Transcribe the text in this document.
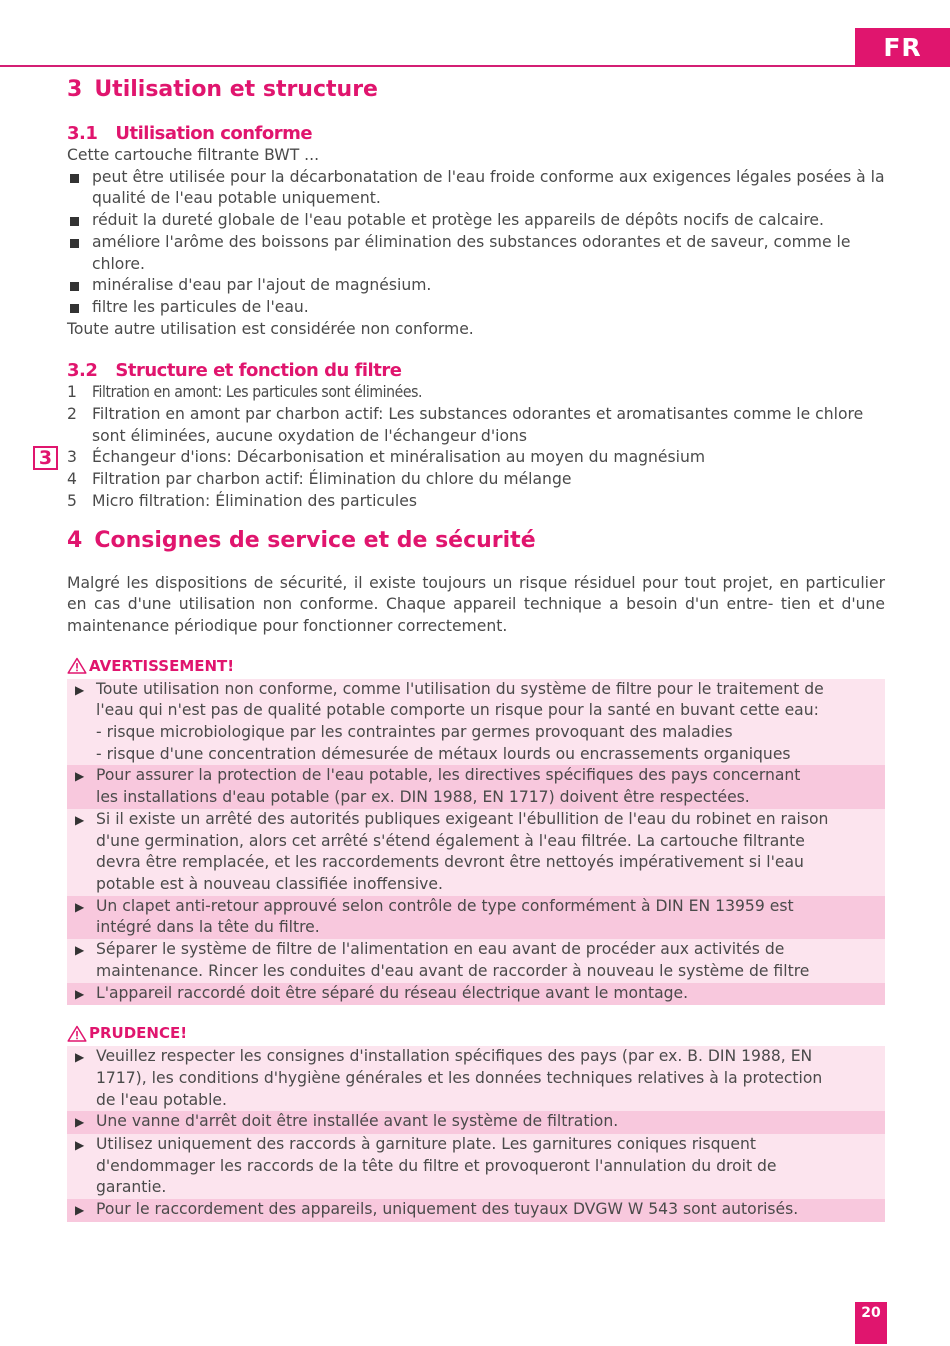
FR
3
20
3 Utilisation et structure
3.1 Utilisation conforme

Cette cartouche filtrante BWT ...

peut être utilisée pour la décarbonatation de l'eau froide conforme aux exigences légales posées à la qualité de l'eau potable uniquement.
réduit la dureté globale de l'eau potable et protège les appareils de dépôts nocifs de calcaire.
améliore l'arôme des boissons par élimination des substances odorantes et de saveur, comme le chlore.
minéralise d'eau par l'ajout de magnésium.
filtre les particules de l'eau.

Toute autre utilisation est considérée non conforme.

3.2 Structure et fonction du filtre
1 Filtration en amont: Les particules sont éliminées.
2 Filtration en amont par charbon actif: Les substances odorantes et aromatisantes comme le chlore sont éliminées, aucune oxydation de l'échangeur d'ions
3 Échangeur d'ions: Décarbonisation et minéralisation au moyen du magnésium
4 Filtration par charbon actif: Élimination du chlore du mélange
5 Micro filtration: Élimination des particules
4 Consignes de service et de sécurité

Malgré les dispositions de sécurité, il existe toujours un risque résiduel pour tout projet, en particulier en cas d'une utilisation non conforme. Chaque appareil technique a besoin d'un entre- tien et d'une maintenance périodique pour fonctionner correctement.

AVERTISSEMENT!
▶ Toute utilisation non conforme, comme l'utilisation du système de filtre pour le traitement de
l'eau qui n'est pas de qualité potable comporte un risque pour la santé en buvant cette eau:
- risque microbiologique par les contraintes par germes provoquant des maladies
- risque d'une concentration démesurée de métaux lourds ou encrassements organiques
▶ Pour assurer la protection de l'eau potable, les directives spécifiques des pays concernant
les installations d'eau potable (par ex. DIN 1988, EN 1717) doivent être respectées.
▶ Si il existe un arrêté des autorités publiques exigeant l'ébullition de l'eau du robinet en raison
d'une germination, alors cet arrêté s'étend également à l'eau filtrée. La cartouche filtrante
devra être remplacée, et les raccordements devront être nettoyés impérativement si l'eau
potable est à nouveau classifiée inoffensive.
▶ Un clapet anti-retour approuvé selon contrôle de type conformément à DIN EN 13959 est
intégré dans la tête du filtre.
▶ Séparer le système de filtre de l'alimentation en eau avant de procéder aux activités de
maintenance. Rincer les conduites d'eau avant de raccorder à nouveau le système de filtre
▶ L'appareil raccordé doit être séparé du réseau électrique avant le montage.
PRUDENCE!
▶ Veuillez respecter les consignes d'installation spécifiques des pays (par ex. B. DIN 1988, EN
1717), les conditions d'hygiène générales et les données techniques relatives à la protection
de l'eau potable.
▶ Une vanne d'arrêt doit être installée avant le système de filtration.
▶ Utilisez uniquement des raccords à garniture plate. Les garnitures coniques risquent
d'endommager les raccords de la tête du filtre et provoqueront l'annulation du droit de
garantie.
▶ Pour le raccordement des appareils, uniquement des tuyaux DVGW W 543 sont autorisés.
